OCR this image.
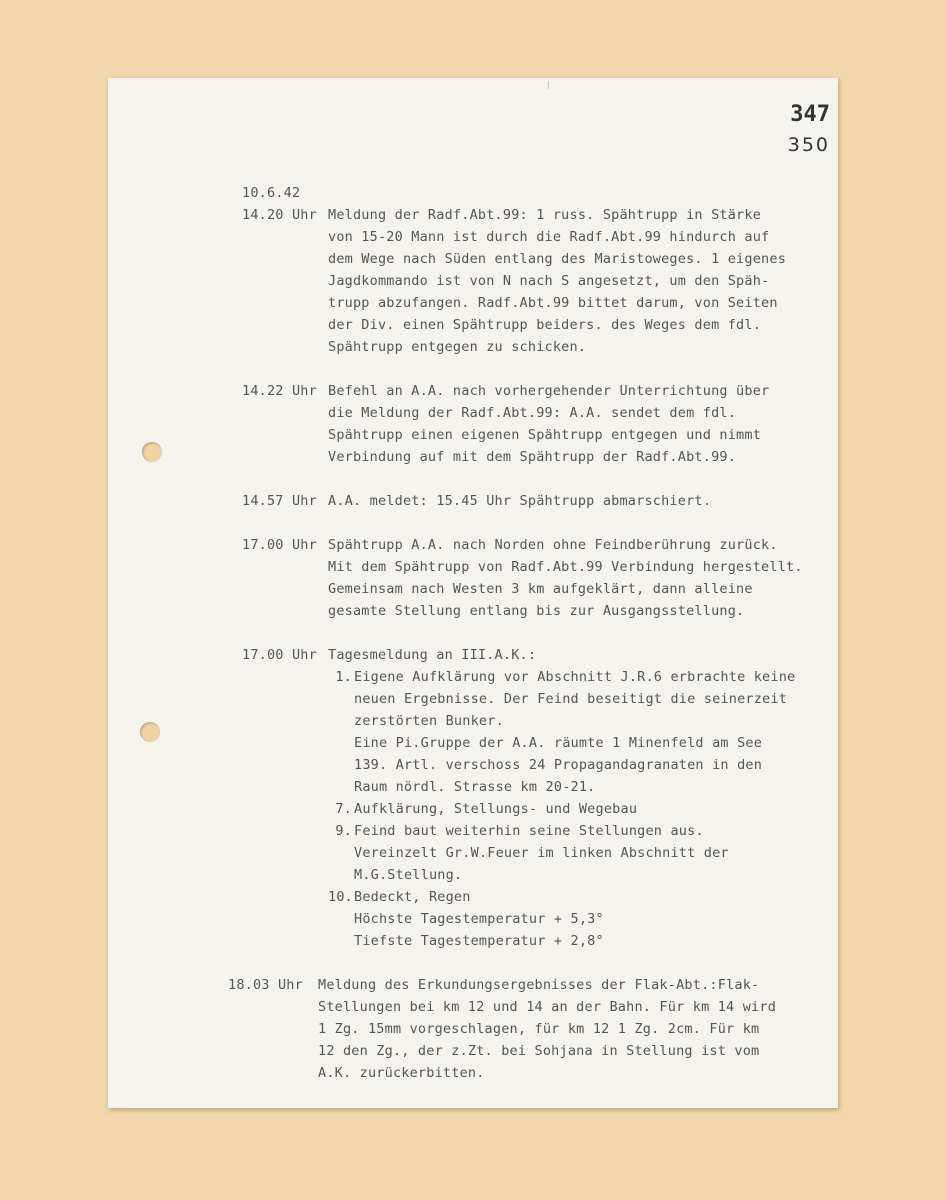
347
350
10.6.42
14.20 Uhr Meldung der Radf.Abt.99: 1 russ. Spähtrupp in Stärke
von 15-20 Mann ist durch die Radf.Abt.99 hindurch auf
dem Wege nach Süden entlang des Maristoweges. 1 eigenes
Jagdkommando ist von N nach S angesetzt, um den Späh-
trupp abzufangen. Radf.Abt.99 bittet darum, von Seiten
der Div. einen Spähtrupp beiders. des Weges dem fdl.
Spähtrupp entgegen zu schicken.
14.22 Uhr Befehl an A.A. nach vorhergehender Unterrichtung über
die Meldung der Radf.Abt.99: A.A. sendet dem fdl.
Spähtrupp einen eigenen Spähtrupp entgegen und nimmt
Verbindung auf mit dem Spähtrupp der Radf.Abt.99.
14.57 Uhr A.A. meldet: 15.45 Uhr Spähtrupp abmarschiert.
17.00 Uhr Spähtrupp A.A. nach Norden ohne Feindberührung zurück.
Mit dem Spähtrupp von Radf.Abt.99 Verbindung hergestellt.
Gemeinsam nach Westen 3 km aufgeklärt, dann alleine
gesamte Stellung entlang bis zur Ausgangsstellung.
17.00 Uhr Tagesmeldung an III.A.K.:
1. Eigene Aufklärung vor Abschnitt J.R.6 erbrachte keine
neuen Ergebnisse. Der Feind beseitigt die seinerzeit
zerstörten Bunker.
Eine Pi.Gruppe der A.A. räumte 1 Minenfeld am See
139. Artl. verschoss 24 Propagandagranaten in den
Raum nördl. Strasse km 20-21.
7. Aufklärung, Stellungs- und Wegebau
9. Feind baut weiterhin seine Stellungen aus.
Vereinzelt Gr.W.Feuer im linken Abschnitt der
M.G.Stellung.
10. Bedeckt, Regen
Höchste Tagestemperatur + 5,3°
Tiefste Tagestemperatur + 2,8°
18.03 Uhr	Meldung des Erkundungsergebnisses der Flak-Abt.:Flak-
Stellungen bei km 12 und 14 an der Bahn. Für km 14 wird
1 Zg. 15mm vorgeschlagen, für km 12 1 Zg. 2cm. Für km
12 den Zg., der z.Zt. bei Sohjana in Stellung ist vom
A.K. zurückerbitten.
